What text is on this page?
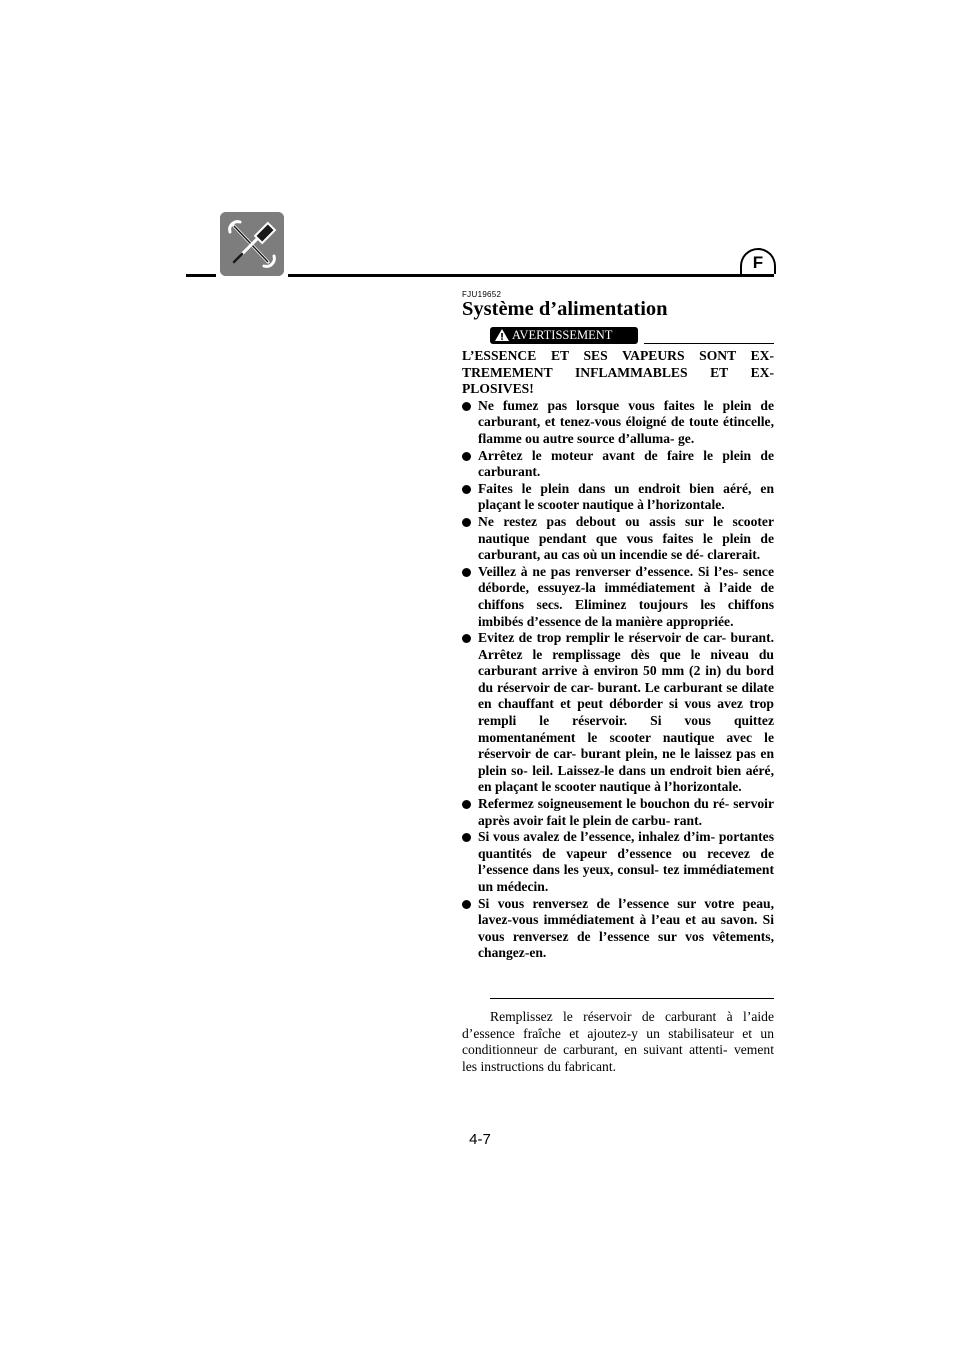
F
FJU19652
Système d’alimentation
AVERTISSEMENT
L’ESSENCE ET SES VAPEURS SONT EX- TREMEMENT INFLAMMABLES ET EX- PLOSIVES!
Ne fumez pas lorsque vous faites le plein de carburant, et tenez-vous éloigné de toute étincelle, flamme ou autre source d’alluma- ge.
Arrêtez le moteur avant de faire le plein de carburant.
Faites le plein dans un endroit bien aéré, en plaçant le scooter nautique à l’horizontale.
Ne restez pas debout ou assis sur le scooter nautique pendant que vous faites le plein de carburant, au cas où un incendie se dé- clarerait.
Veillez à ne pas renverser d’essence. Si l’es- sence déborde, essuyez-la immédiatement à l’aide de chiffons secs. Eliminez toujours les chiffons imbibés d’essence de la manière appropriée.
Evitez de trop remplir le réservoir de car- burant. Arrêtez le remplissage dès que le niveau du carburant arrive à environ 50 mm (2 in) du bord du réservoir de car- burant. Le carburant se dilate en chauffant et peut déborder si vous avez trop rempli le réservoir. Si vous quittez momentanément le scooter nautique avec le réservoir de car- burant plein, ne le laissez pas en plein so- leil. Laissez-le dans un endroit bien aéré, en plaçant le scooter nautique à l’horizontale.
Refermez soigneusement le bouchon du ré- servoir après avoir fait le plein de carbu- rant.
Si vous avalez de l’essence, inhalez d’im- portantes quantités de vapeur d’essence ou recevez de l’essence dans les yeux, consul- tez immédiatement un médecin.
Si vous renversez de l’essence sur votre peau, lavez-vous immédiatement à l’eau et au savon. Si vous renversez de l’essence sur vos vêtements, changez-en.
Remplissez le réservoir de carburant à l’aide d’essence fraîche et ajoutez-y un stabilisateur et un conditionneur de carburant, en suivant attenti- vement les instructions du fabricant.
4-7
